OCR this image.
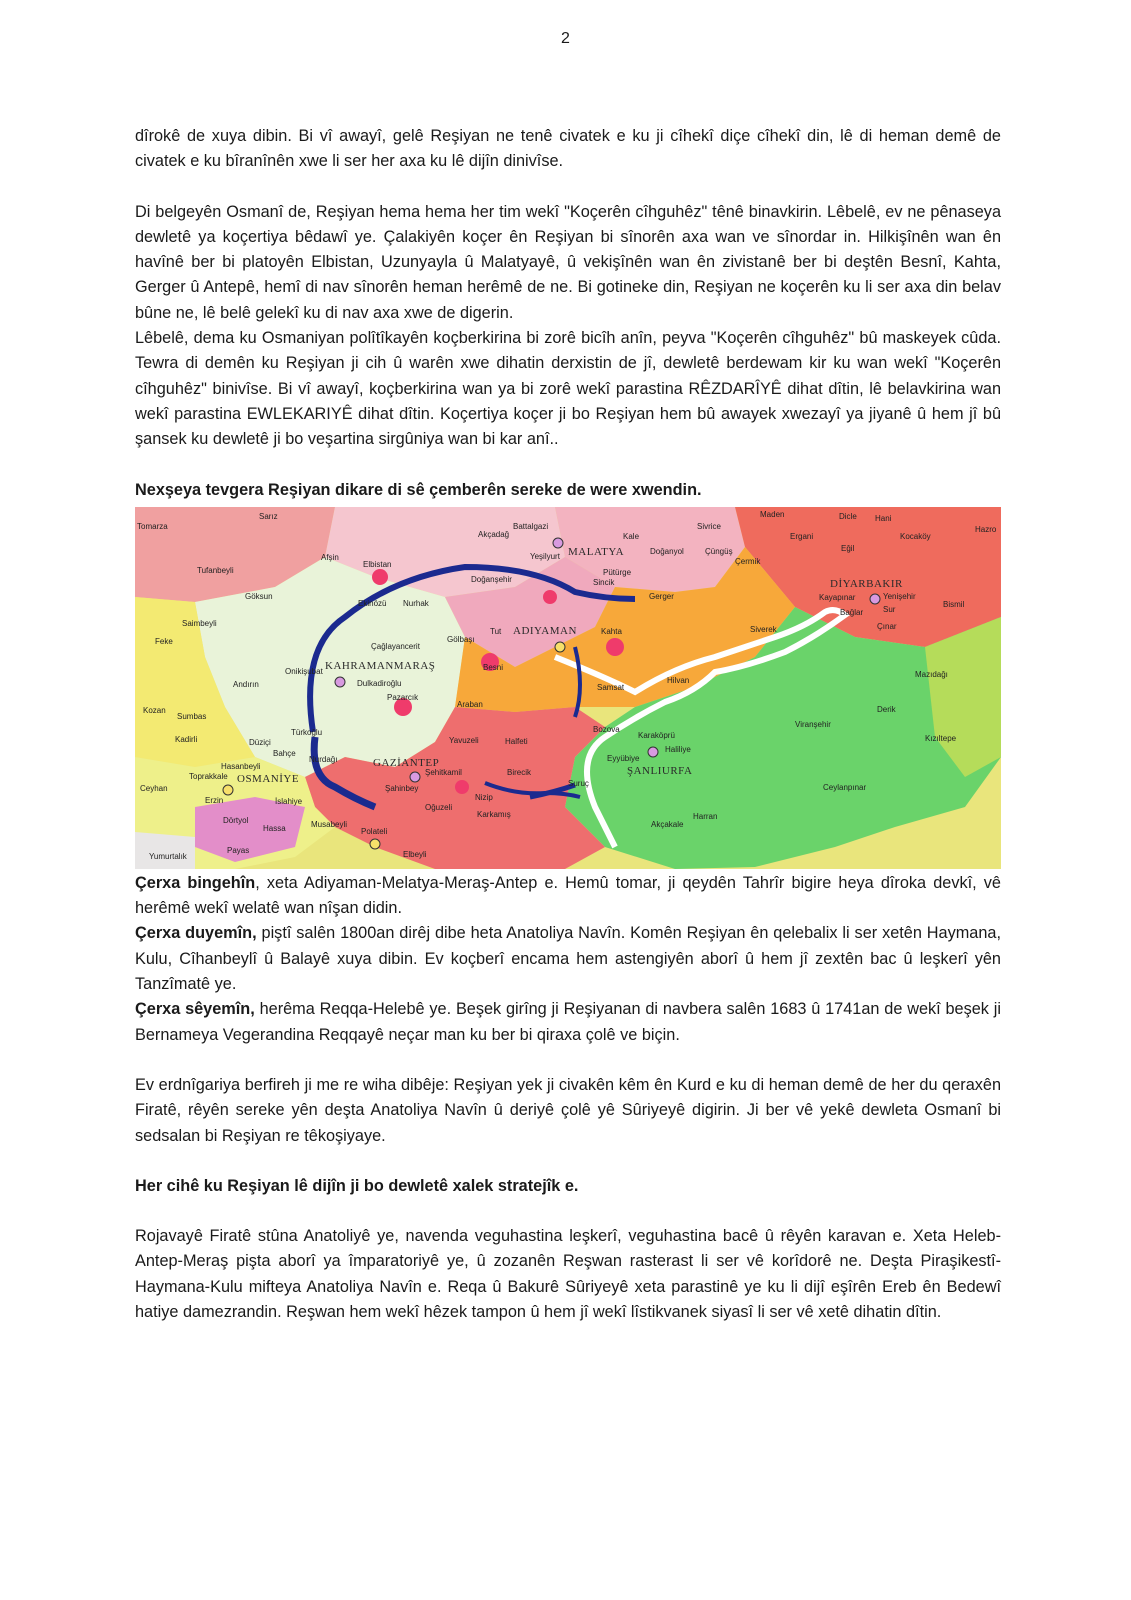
2

dîrokê de xuya dibin. Bi vî awayî, gelê Reşiyan ne tenê civatek e ku ji cîhekî diçe cîhekî din, lê di heman demê de civatek e ku bîranînên xwe li ser her axa ku lê dijîn dinivîse.

Di belgeyên Osmanî de, Reşiyan hema hema her tim wekî "Koçerên cîhguhêz" tênê binavkirin. Lêbelê, ev ne pênaseya dewletê ya koçertiya bêdawî ye. Çalakiyên koçer ên Reşiyan bi sînorên axa wan ve sînordar in. Hilkişînên wan ên havînê ber bi platoyên Elbistan, Uzunyayla û Malatyayê, û vekişînên wan ên zivistanê ber bi deştên Besnî, Kahta, Gerger û Antepê, hemî di nav sînorên heman herêmê de ne. Bi gotineke din, Reşiyan ne koçerên ku li ser axa din belav bûne ne, lê belê gelekî ku di nav axa xwe de digerin.

Lêbelê, dema ku Osmaniyan polîtîkayên koçberkirina bi zorê bicîh anîn, peyva "Koçerên cîhguhêz" bû maskeyek cûda. Tewra di demên ku Reşiyan ji cih û warên xwe dihatin derxistin de jî, dewletê berdewam kir ku wan wekî "Koçerên cîhguhêz" binivîse. Bi vî awayî, koçberkirina wan ya bi zorê wekî parastina RÊZDARÎYÊ dihat dîtin, lê belavkirina wan wekî parastina EWLEKARIYÊ dihat dîtin. Koçertiya koçer ji bo Reşiyan hem bû awayek xwezayî ya jiyanê û hem jî bû şansek ku dewletê ji bo veşartina sirgûniya wan bi kar anî..

Nexşeya tevgera Reşiyan dikare di sê çemberên sereke de were xwendin.

MALATYA
ADIYAMAN
KAHRAMANMARAŞ
GAZİANTEP
OSMANİYE
ŞANLIURFA
DİYARBAKIR
Tomarza
Sarız
Battalgazi
Akçadağ	Kale
Yeşilyurt
Doğanyol	Çüngüş
Sivrice
Maden	Dicle Hani
Hazro
Kocaköy
Ergani
Eğil
Çermik
Tufanbeyli
Afşin
Elbistan
Doğanşehir
Pütürge
Gerger
Sincik
Kayapınar	Yenişehir
Bağlar Sur
Bismil
Çınar
Göksun
Ekinözü Nurhak
Saimbeyli
Tut
Gölbaşı
Kahta	Siverek
Feke
Çağlayancerit
Besni
Onikişubat
Dulkadiroğlu
Andırın	Samsat
Hilvan
Mazıdağı
Pazarcık
Araban
Derik
Kozan
Sumbas
Bozova
Kadirli	Düziçi
Türkoğlu
Yavuzeli	Halfeti
Viranşehir
Karaköprü
Haliliye
Eyyübiye
Kızıltepe
Bahçe
Nurdağı
Hasanbeyli
Toprakkale	Şehitkamil	Birecik
Suruç
Ceyhan	Şahinbey
Nizip
Ceylanpınar
Erzin	İslahiye
Oğuzeli
Karkamış	Harran
Dörtyol
Hassa	Musabeyli
Polateli
Akçakale
Yumurtalık
Payas	Elbeyli

Çerxa bingehîn, xeta Adiyaman-Melatya-Meraş-Antep e. Hemû tomar, ji qeydên Tahrîr bigire heya dîroka devkî, vê herêmê wekî welatê wan nîşan didin.

Çerxa duyemîn, piştî salên 1800an dirêj dibe heta Anatoliya Navîn. Komên Reşiyan ên qelebalix li ser xetên Haymana, Kulu, Cîhanbeylî û Balayê xuya dibin. Ev koçberî encama hem astengiyên aborî û hem jî zextên bac û leşkerî yên Tanzîmatê ye.

Çerxa sêyemîn, herêma Reqqa-Helebê ye. Beşek girîng ji Reşiyanan di navbera salên 1683 û 1741an de wekî beşek ji Bernameya Vegerandina Reqqayê neçar man ku ber bi qiraxa çolê ve biçin.

Ev erdnîgariya berfireh ji me re wiha dibêje: Reşiyan yek ji civakên kêm ên Kurd e ku di heman demê de her du qeraxên Firatê, rêyên sereke yên deşta Anatoliya Navîn û deriyê çolê yê Sûriyeyê digirin. Ji ber vê yekê dewleta Osmanî bi sedsalan bi Reşiyan re têkoşiyaye.

Her cihê ku Reşiyan lê dijîn ji bo dewletê xalek stratejîk e.

Rojavayê Firatê stûna Anatoliyê ye, navenda veguhastina leşkerî, veguhastina bacê û rêyên karavan e. Xeta Heleb-Antep-Meraş pişta aborî ya împaratoriyê ye, û zozanên Reşwan rasterast li ser vê korîdorê ne. Deşta Piraşikestî-Haymana-Kulu mifteya Anatoliya Navîn e. Reqa û Bakurê Sûriyeyê xeta parastinê ye ku li dijî eşîrên Ereb ên Bedewî hatiye damezrandin. Reşwan hem wekî hêzek tampon û hem jî wekî lîstikvanek siyasî li ser vê xetê dihatin dîtin.
